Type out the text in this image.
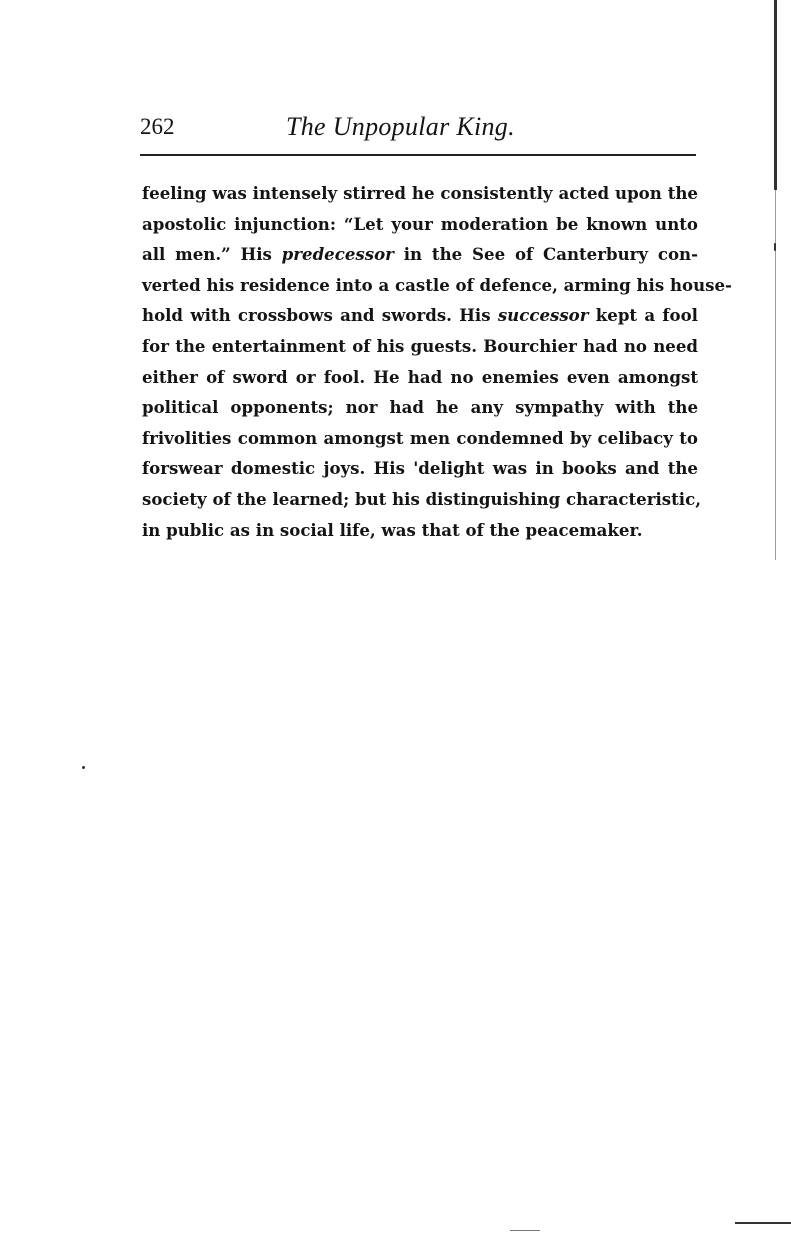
262	The Unpopular King.
feeling was intensely stirred he consistently acted upon the
apostolic injunction: “Let your moderation be known unto
all men.” His predecessor in the See of Canterbury con-
verted his residence into a castle of defence, arming his house-
hold with crossbows and swords. His successor kept a fool
for the entertainment of his guests. Bourchier had no need
either of sword or fool. He had no enemies even amongst
political opponents; nor had he any sympathy with the
frivolities common amongst men condemned by celibacy to
forswear domestic joys. His 'delight was in books and the
society of the learned; but his distinguishing characteristic,
in public as in social life, was that of the peacemaker.
